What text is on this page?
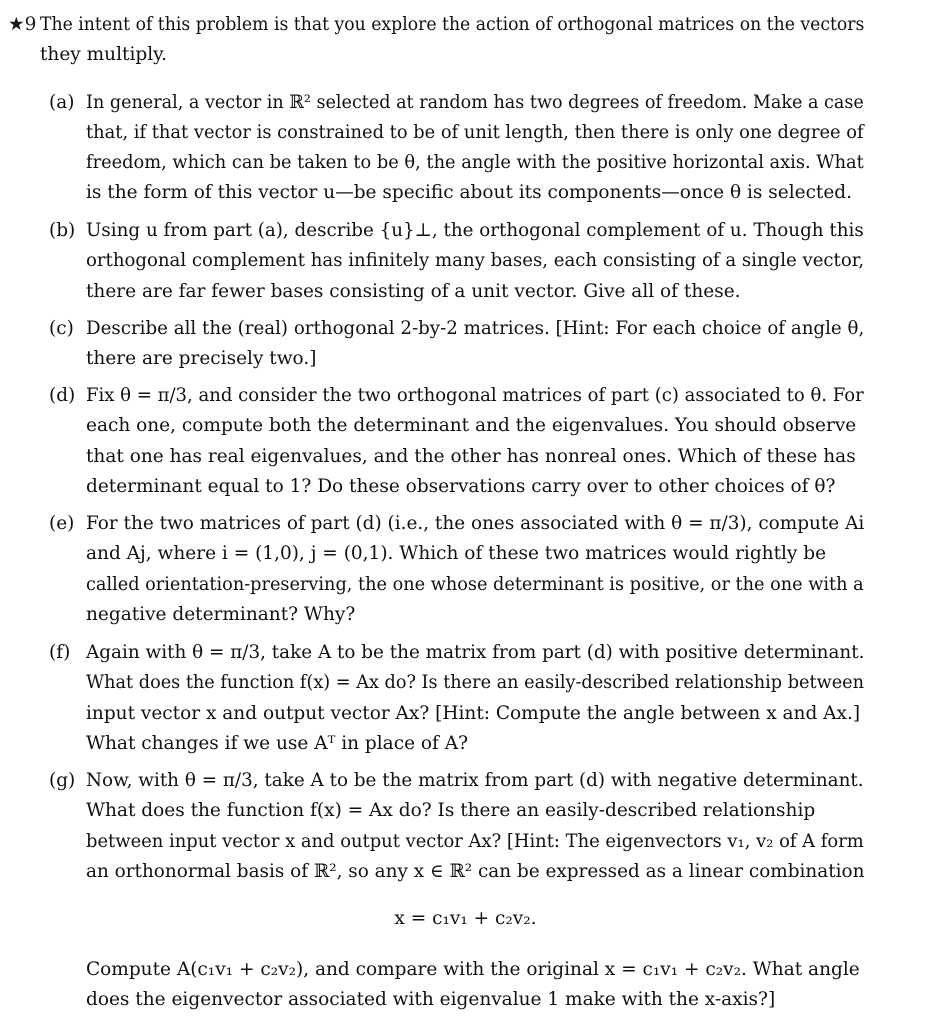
★9 The intent of this problem is that you explore the action of orthogonal matrices on the vectors
they multiply.
(a) In general, a vector in ℝ² selected at random has two degrees of freedom. Make a case
that, if that vector is constrained to be of unit length, then there is only one degree of
freedom, which can be taken to be θ, the angle with the positive horizontal axis. What
is the form of this vector u—be specific about its components—once θ is selected.
(b) Using u from part (a), describe {u}⊥, the orthogonal complement of u. Though this
orthogonal complement has infinitely many bases, each consisting of a single vector,
there are far fewer bases consisting of a unit vector. Give all of these.
(c) Describe all the (real) orthogonal 2-by-2 matrices. [Hint: For each choice of angle θ,
there are precisely two.]
(d) Fix θ = π/3, and consider the two orthogonal matrices of part (c) associated to θ. For
each one, compute both the determinant and the eigenvalues. You should observe
that one has real eigenvalues, and the other has nonreal ones. Which of these has
determinant equal to 1? Do these observations carry over to other choices of θ?
(e) For the two matrices of part (d) (i.e., the ones associated with θ = π/3), compute Ai
and Aj, where i = (1,0), j = (0,1). Which of these two matrices would rightly be
called orientation-preserving, the one whose determinant is positive, or the one with a
negative determinant? Why?
(f) Again with θ = π/3, take A to be the matrix from part (d) with positive determinant.
What does the function f(x) = Ax do? Is there an easily-described relationship between
input vector x and output vector Ax? [Hint: Compute the angle between x and Ax.]
What changes if we use Aᵀ in place of A?
(g) Now, with θ = π/3, take A to be the matrix from part (d) with negative determinant.
What does the function f(x) = Ax do? Is there an easily-described relationship
between input vector x and output vector Ax? [Hint: The eigenvectors v₁, v₂ of A form
an orthonormal basis of ℝ², so any x ∈ ℝ² can be expressed as a linear combination
x = c₁v₁ + c₂v₂.
Compute A(c₁v₁ + c₂v₂), and compare with the original x = c₁v₁ + c₂v₂. What angle
does the eigenvector associated with eigenvalue 1 make with the x-axis?]
